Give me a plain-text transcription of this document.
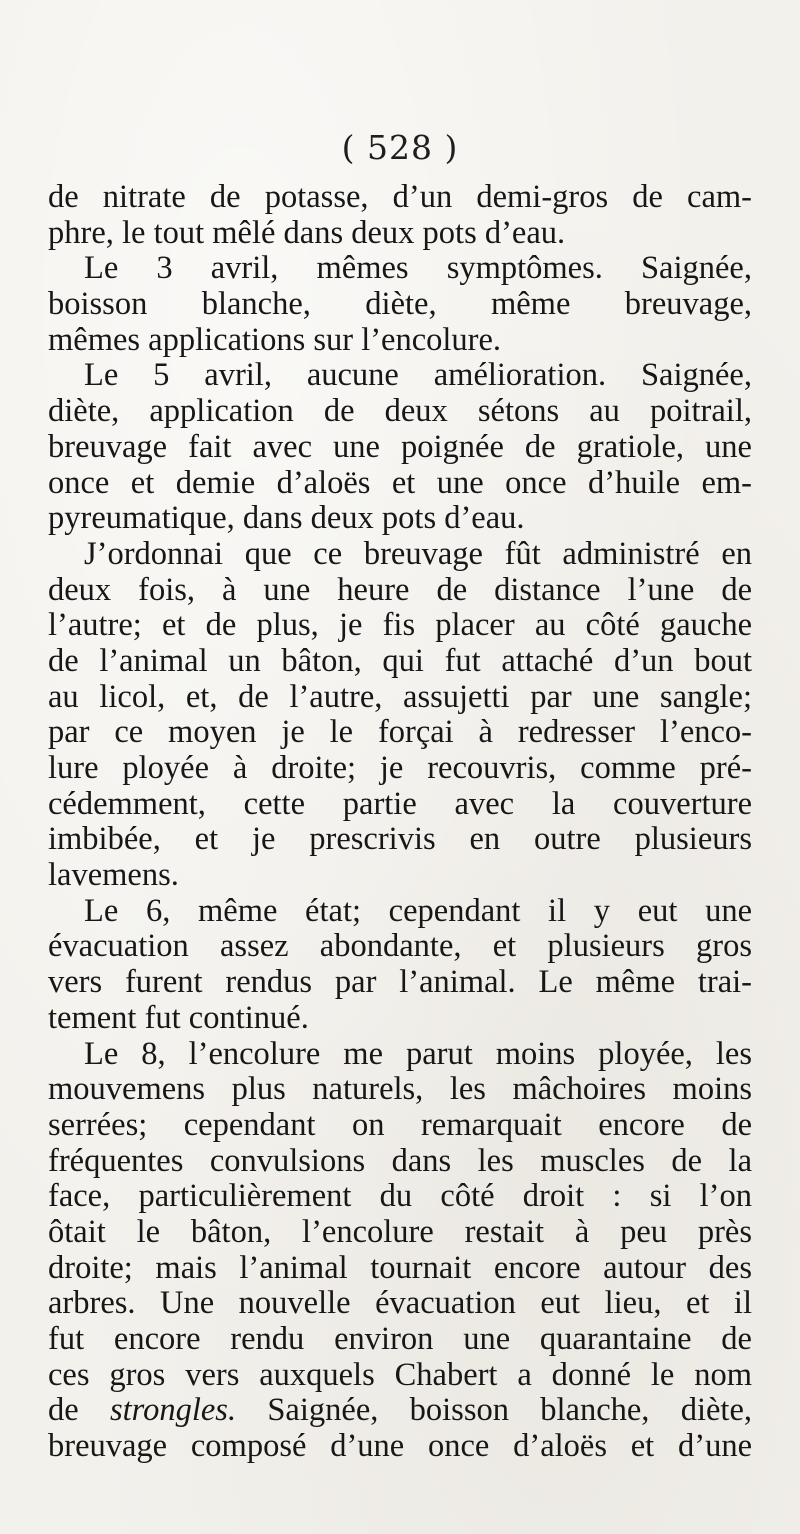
( 528 )
de nitrate de potasse, d’un demi-gros de cam-
phre, le tout mêlé dans deux pots d’eau.
Le 3 avril, mêmes symptômes. Saignée,
boisson blanche, diète, même breuvage,
mêmes applications sur l’encolure.
Le 5 avril, aucune amélioration. Saignée,
diète, application de deux sétons au poitrail,
breuvage fait avec une poignée de gratiole, une
once et demie d’aloës et une once d’huile em-
pyreumatique, dans deux pots d’eau.
J’ordonnai que ce breuvage fût administré en
deux fois, à une heure de distance l’une de
l’autre; et de plus, je fis placer au côté gauche
de l’animal un bâton, qui fut attaché d’un bout
au licol, et, de l’autre, assujetti par une sangle;
par ce moyen je le forçai à redresser l’enco-
lure ployée à droite; je recouvris, comme pré-
cédemment, cette partie avec la couverture
imbibée, et je prescrivis en outre plusieurs
lavemens.
Le 6, même état; cependant il y eut une
évacuation assez abondante, et plusieurs gros
vers furent rendus par l’animal. Le même trai-
tement fut continué.
Le 8, l’encolure me parut moins ployée, les
mouvemens plus naturels, les mâchoires moins
serrées; cependant on remarquait encore de
fréquentes convulsions dans les muscles de la
face, particulièrement du côté droit : si l’on
ôtait le bâton, l’encolure restait à peu près
droite; mais l’animal tournait encore autour des
arbres. Une nouvelle évacuation eut lieu, et il
fut encore rendu environ une quarantaine de
ces gros vers auxquels Chabert a donné le nom
de strongles. Saignée, boisson blanche, diète,
breuvage composé d’une once d’aloës et d’une
